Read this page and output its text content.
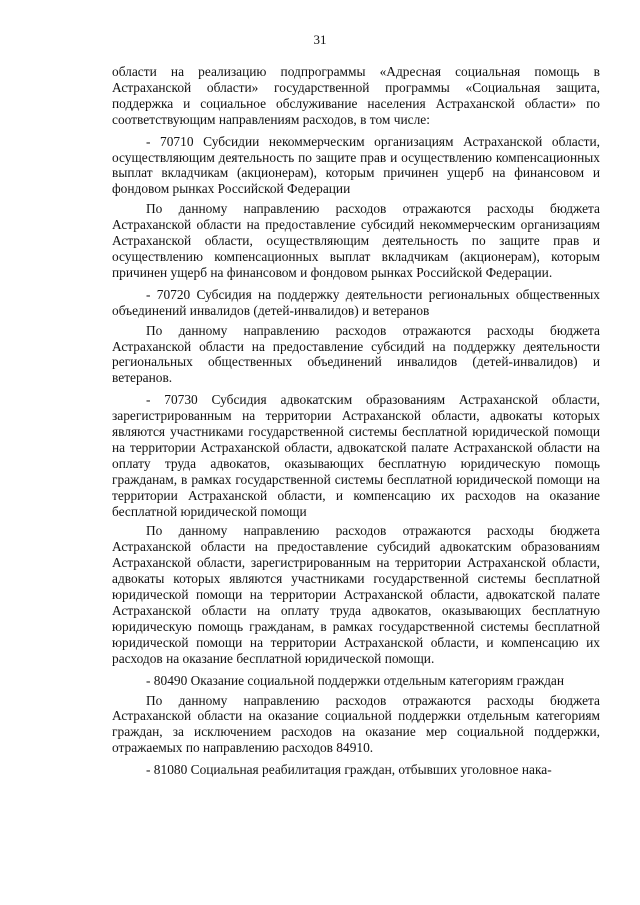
31

области на реализацию подпрограммы «Адресная социальная помощь в Астраханской области» государственной программы «Социальная защита, поддержка и социальное обслуживание населения Астраханской области» по соответствующим направлениям расходов, в том числе:

- 70710 Субсидии некоммерческим организациям Астраханской области, осуществляющим деятельность по защите прав и осуществлению компенсационных выплат вкладчикам (акционерам), которым причинен ущерб на финансовом и фондовом рынках Российской Федерации

По данному направлению расходов отражаются расходы бюджета Астраханской области на предоставление субсидий некоммерческим организациям Астраханской области, осуществляющим деятельность по защите прав и осуществлению компенсационных выплат вкладчикам (акционерам), которым причинен ущерб на финансовом и фондовом рынках Российской Федерации.

- 70720 Субсидия на поддержку деятельности региональных общественных объединений инвалидов (детей-инвалидов) и ветеранов

По данному направлению расходов отражаются расходы бюджета Астраханской области на предоставление субсидий на поддержку деятельности региональных общественных объединений инвалидов (детей-инвалидов) и ветеранов.

- 70730 Субсидия адвокатским образованиям Астраханской области, зарегистрированным на территории Астраханской области, адвокаты которых являются участниками государственной системы бесплатной юридической помощи на территории Астраханской области, адвокатской палате Астраханской области на оплату труда адвокатов, оказывающих бесплатную юридическую помощь гражданам, в рамках государственной системы бесплатной юридической помощи на территории Астраханской области, и компенсацию их расходов на оказание бесплатной юридической помощи

По данному направлению расходов отражаются расходы бюджета Астраханской области на предоставление субсидий адвокатским образованиям Астраханской области, зарегистрированным на территории Астраханской области, адвокаты которых являются участниками государственной системы бесплатной юридической помощи на территории Астраханской области, адвокатской палате Астраханской области на оплату труда адвокатов, оказывающих бесплатную юридическую помощь гражданам, в рамках государственной системы бесплатной юридической помощи на территории Астраханской области, и компенсацию их расходов на оказание бесплатной юридической помощи.

- 80490 Оказание социальной поддержки отдельным категориям граждан

По данному направлению расходов отражаются расходы бюджета Астраханской области на оказание социальной поддержки отдельным категориям граждан, за исключением расходов на оказание мер социальной поддержки, отражаемых по направлению расходов 84910.

- 81080 Социальная реабилитация граждан, отбывших уголовное нака-
